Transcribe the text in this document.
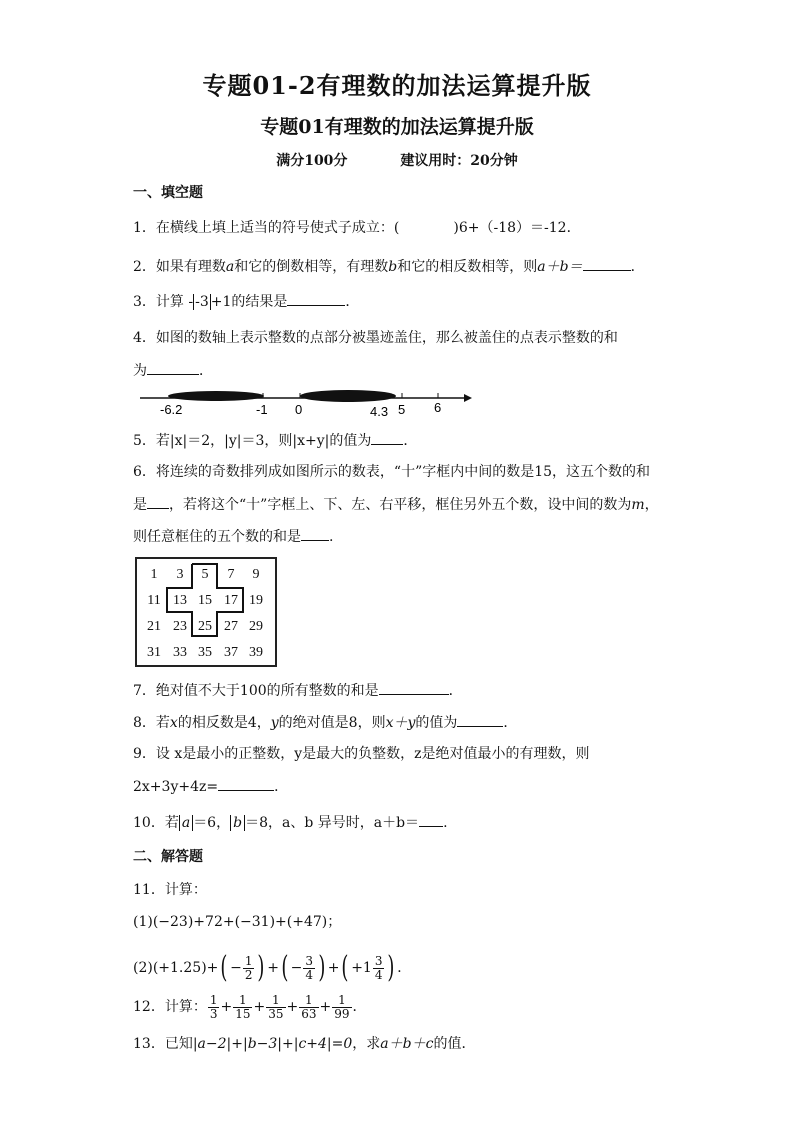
专题01-2有理数的加法运算提升版
专题01有理数的加法运算提升版
满分100分	建议用时：20分钟
一、填空题
1．在横线上填上适当的符号使式子成立：(	)6+（-18）＝-12．
2．如果有理数a和它的倒数相等，有理数b和它的相反数相等，则a＋b＝	．
3．计算 - -3 +1的结果是	．
4．如图的数轴上表示整数的点部分被墨迹盖住，那么被盖住的点表示整数的和
为	．
-6.2	-1 0	4.3 5 6
5．若|x|＝2，|y|＝3，则|x+y|的值为 ．
6．将连续的奇数排列成如图所示的数表，“十”字框内中间的数是15，这五个数的和
是 ，若将这个“十”字框上、下、左、右平移，框住另外五个数，设中间的数为m，
则任意框住的五个数的和是 .
1	3	5	7	9
11 13 15 17 19
21 23 25 27 29
31 33 35 37 39
7．绝对值不大于100的所有整数的和是	．
8．若x的相反数是4，y的绝对值是8，则x＋y的值为	．
9．设 x是最小的正整数，y是最大的负整数，z是绝对值最小的有理数，则
2x+3y+4z=	．
10．若 a ＝6， b ＝8，a、b 异号时，a＋b＝ .
二、解答题
11．计算：
(1)(−23)+72+(−31)+(+47)；
$(2)(+1.25)+( - \frac{1}{2}$ ) +( − $\frac{3}{4}$ ) +( $+1 \frac{3}{4}$ ) ．
12．计算： $\frac{1}{3} + \frac{1}{15} + \frac{1}{35} + \frac{1}{63} + \frac{1}{99}$ ．
13．已知|a−2|+|b−3|+|c+4|=0，求a＋b＋c的值．
